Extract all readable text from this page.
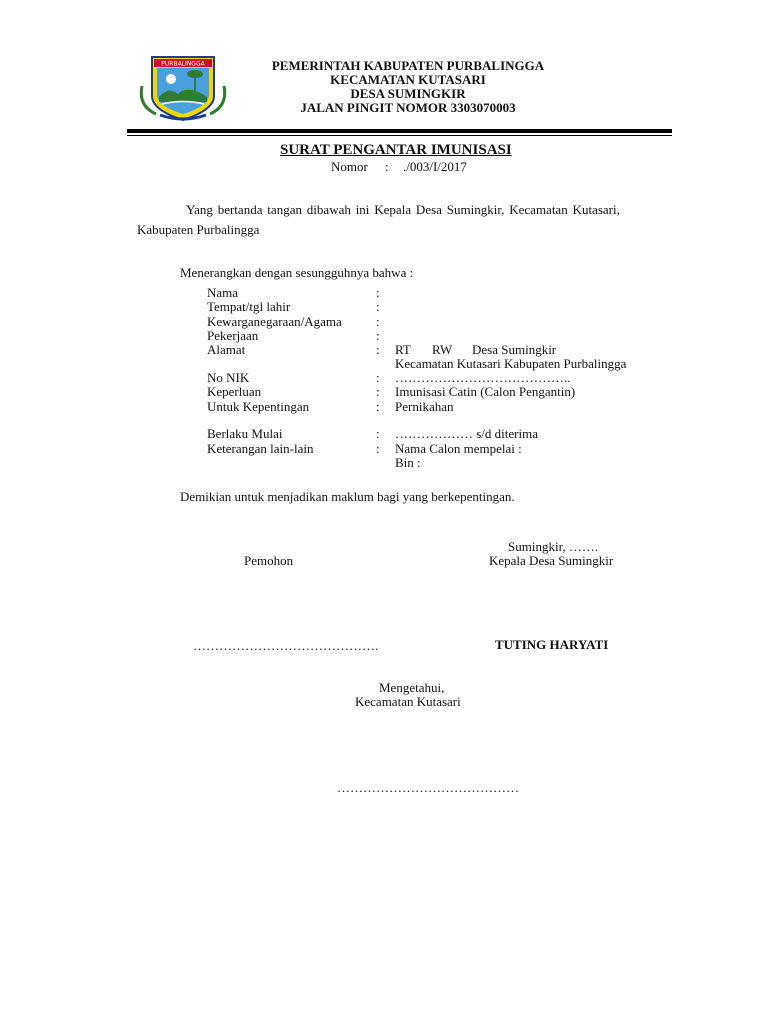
PURBALINGGA	PEMERINTAH KABUPATEN PURBALINGGA
KECAMATAN KUTASARI
DESA SUMINGKIR
JALAN PINGIT NOMOR 3303070003
SURAT PENGANTAR IMUNISASI
Nomor : ./003/I/2017
Yang bertanda tangan dibawah ini Kepala Desa Sumingkir, Kecamatan Kutasari,
Kabupaten Purbalingga
Menerangkan dengan sesungguhnya bahwa :
Nama	:
Tempat/tgl lahir	:
Kewarganegaraan/Agama	:
Pekerjaan	:
Alamat	: RT RW Desa Sumingkir
Kecamatan Kutasari Kabupaten Purbalingga
No NIK	: …………………………………..
Keperluan	: Imunisasi Catin (Calon Pengantin)
Untuk Kepentingan	: Pernikahan
Berlaku Mulai	: ……………… s/d diterima
Keterangan lain-lain	: Nama Calon mempelai :
Bin :
Demikian untuk menjadikan maklum bagi yang berkepentingan.
Sumingkir, …….
Pemohon	Kepala Desa Sumingkir
…………………………………….	TUTING HARYATI
Mengetahui,
Kecamatan Kutasari
……………………………………
